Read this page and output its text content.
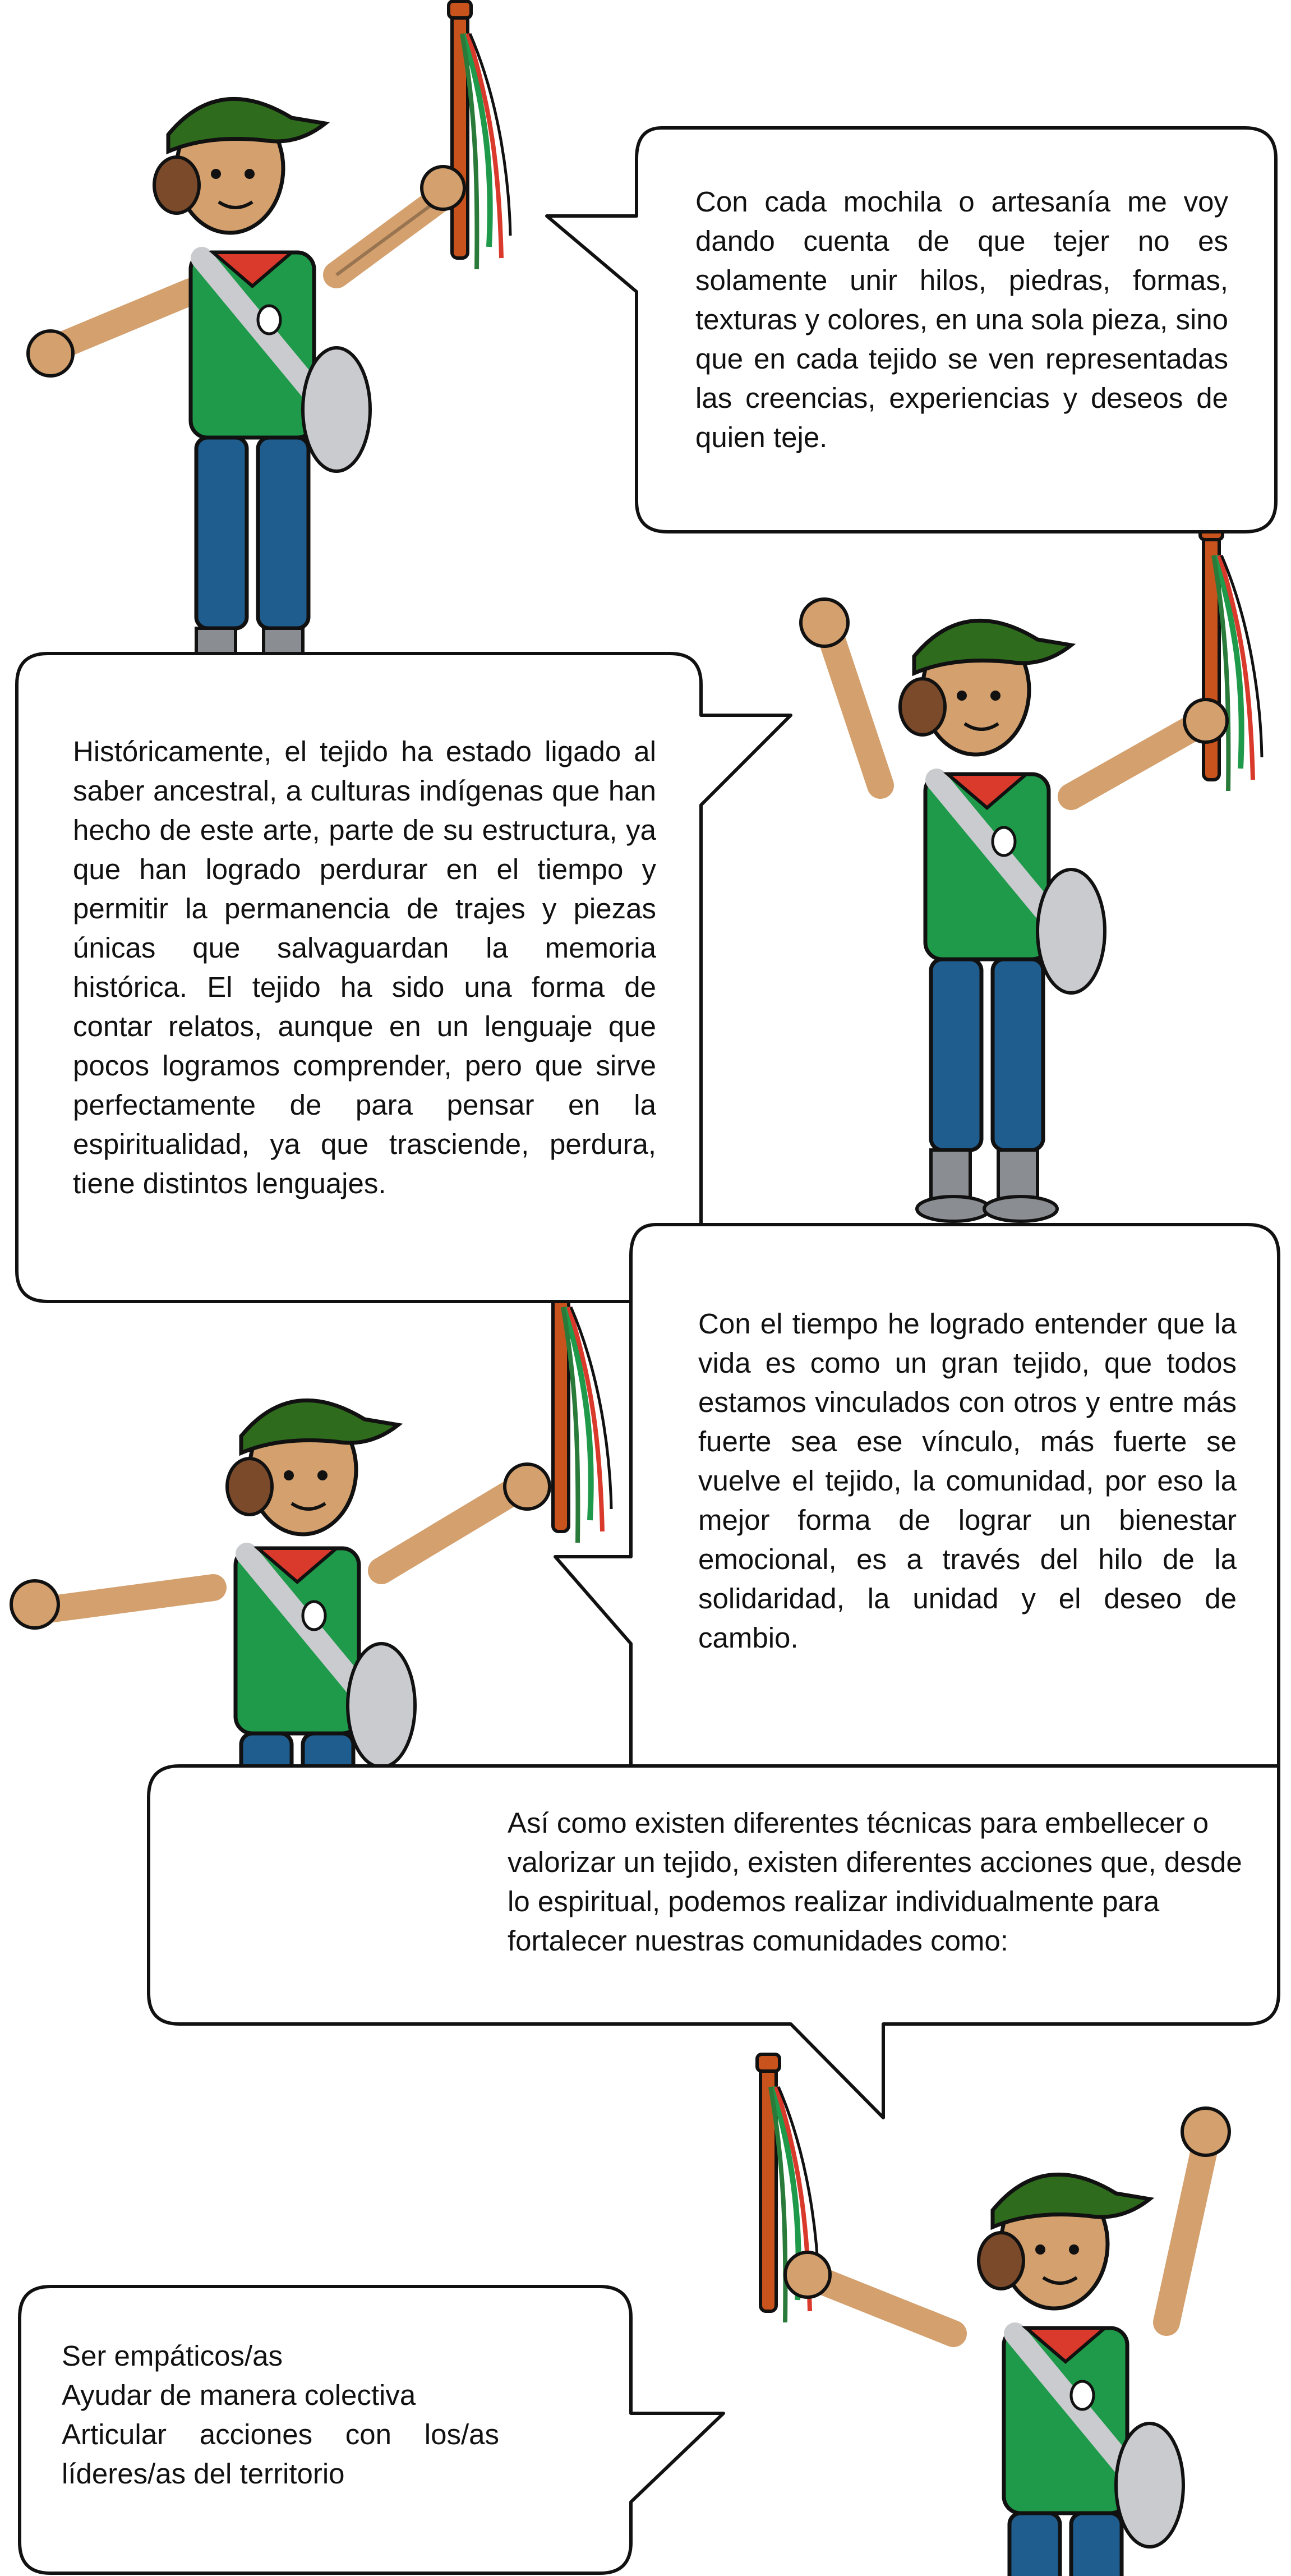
Con cada mochila o artesanía me voy dando cuenta de que tejer no es solamente unir hilos, piedras, formas, texturas y colores, en una sola pieza, sino que en cada tejido se ven representadas las creencias, experiencias y deseos de quien teje.
Históricamente, el tejido ha estado ligado al saber ancestral, a culturas indígenas que han hecho de este arte, parte de su estructura, ya que han logrado perdurar en el tiempo y permitir la permanencia de trajes y piezas únicas que salvaguardan la memoria histórica. El tejido ha sido una forma de contar relatos, aunque en un lenguaje que pocos logramos comprender, pero que sirve perfectamente de para pensar en la espiritualidad, ya que trasciende, perdura, tiene distintos lenguajes.
Con el tiempo he logrado entender que la vida es como un gran tejido, que todos estamos vinculados con otros y entre más fuerte sea ese vínculo, más fuerte se vuelve el tejido, la comunidad, por eso la mejor forma de lograr un bienestar emocional, es a través del hilo de la solidaridad, la unidad y el deseo de cambio.
Así como existen diferentes técnicas para embellecer o valorizar un tejido, existen diferentes acciones que, desde lo espiritual, podemos realizar individualmente para fortalecer nuestras comunidades como:
Ser empáticos/as
Ayudar de manera colectiva
Articular acciones con los/as líderes/as del territorio
